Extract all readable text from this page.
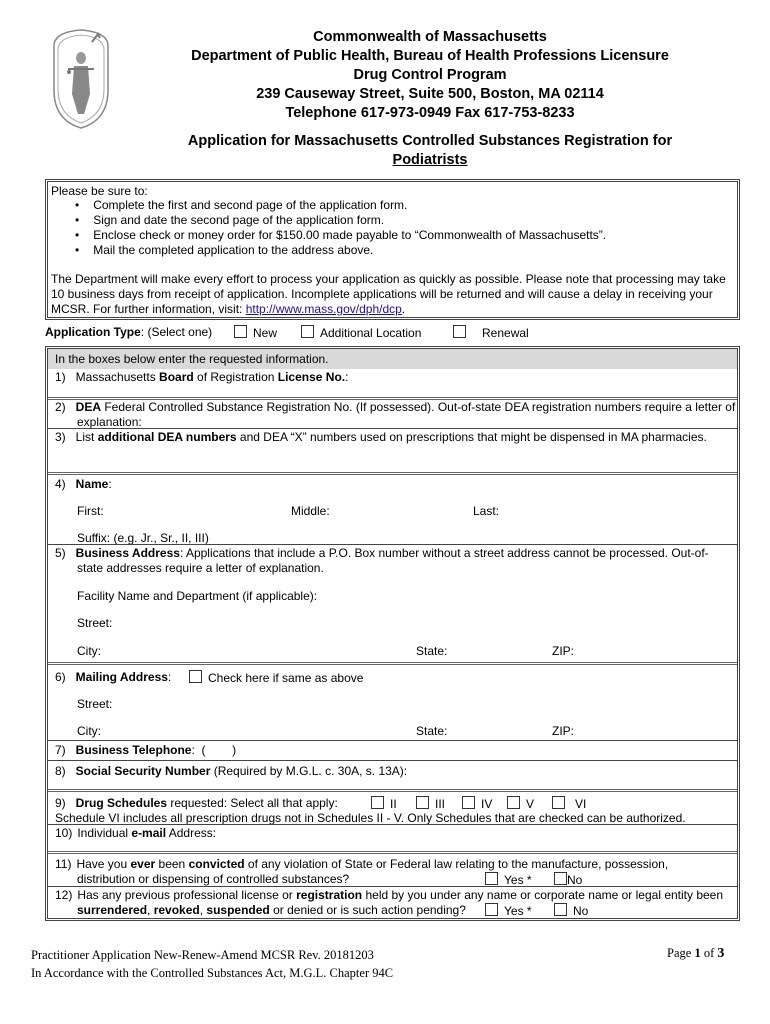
Commonwealth of Massachusetts
Department of Public Health, Bureau of Health Professions Licensure
Drug Control Program
239 Causeway Street, Suite 500, Boston, MA 02114
Telephone 617-973-0949 Fax 617-753-8233
Application for Massachusetts Controlled Substances Registration for
Podiatrists
Please be sure to:
• Complete the first and second page of the application form.
• Sign and date the second page of the application form.
• Enclose check or money order for $150.00 made payable to “Commonwealth of Massachusetts”.
• Mail the completed application to the address above.
The Department will make every effort to process your application as quickly as possible. Please note that processing may take
10 business days from receipt of application. Incomplete applications will be returned and will cause a delay in receiving your
MCSR. For further information, visit: http://www.mass.gov/dph/dcp.
Application Type: (Select one)	New	Additional Location	Renewal
In the boxes below enter the requested information.
1) Massachusetts Board of Registration License No.:
2) DEA Federal Controlled Substance Registration No. (If possessed). Out-of-state DEA registration numbers require a letter of
explanation:
3) List additional DEA numbers and DEA “X” numbers used on prescriptions that might be dispensed in MA pharmacies.
4) Name:
First:	Middle:	Last:
Suffix: (e.g. Jr., Sr., II, III)
5) Business Address: Applications that include a P.O. Box number without a street address cannot be processed. Out-of-
state addresses require a letter of explanation.
Facility Name and Department (if applicable):
Street:
City:	State:	ZIP:
6) Mailing Address:	Check here if same as above
Street:
City:	State:	ZIP:
7) Business Telephone:  (        )
8) Social Security Number (Required by M.G.L. c. 30A, s. 13A):
9) Drug Schedules requested: Select all that apply:	II	III	IV	V	VI
Schedule VI includes all prescription drugs not in Schedules II - V. Only Schedules that are checked can be authorized.
10) Individual e-mail Address:
11) Have you ever been convicted of any violation of State or Federal law relating to the manufacture, possession,
distribution or dispensing of controlled substances?	Yes *	No
12) Has any previous professional license or registration held by you under any name or corporate name or legal entity been
surrendered, revoked, suspended or denied or is such action pending?	Yes *	No
Practitioner Application New-Renew-Amend MCSR Rev. 20181203
In Accordance with the Controlled Substances Act, M.G.L. Chapter 94C
Page 1 of 3
